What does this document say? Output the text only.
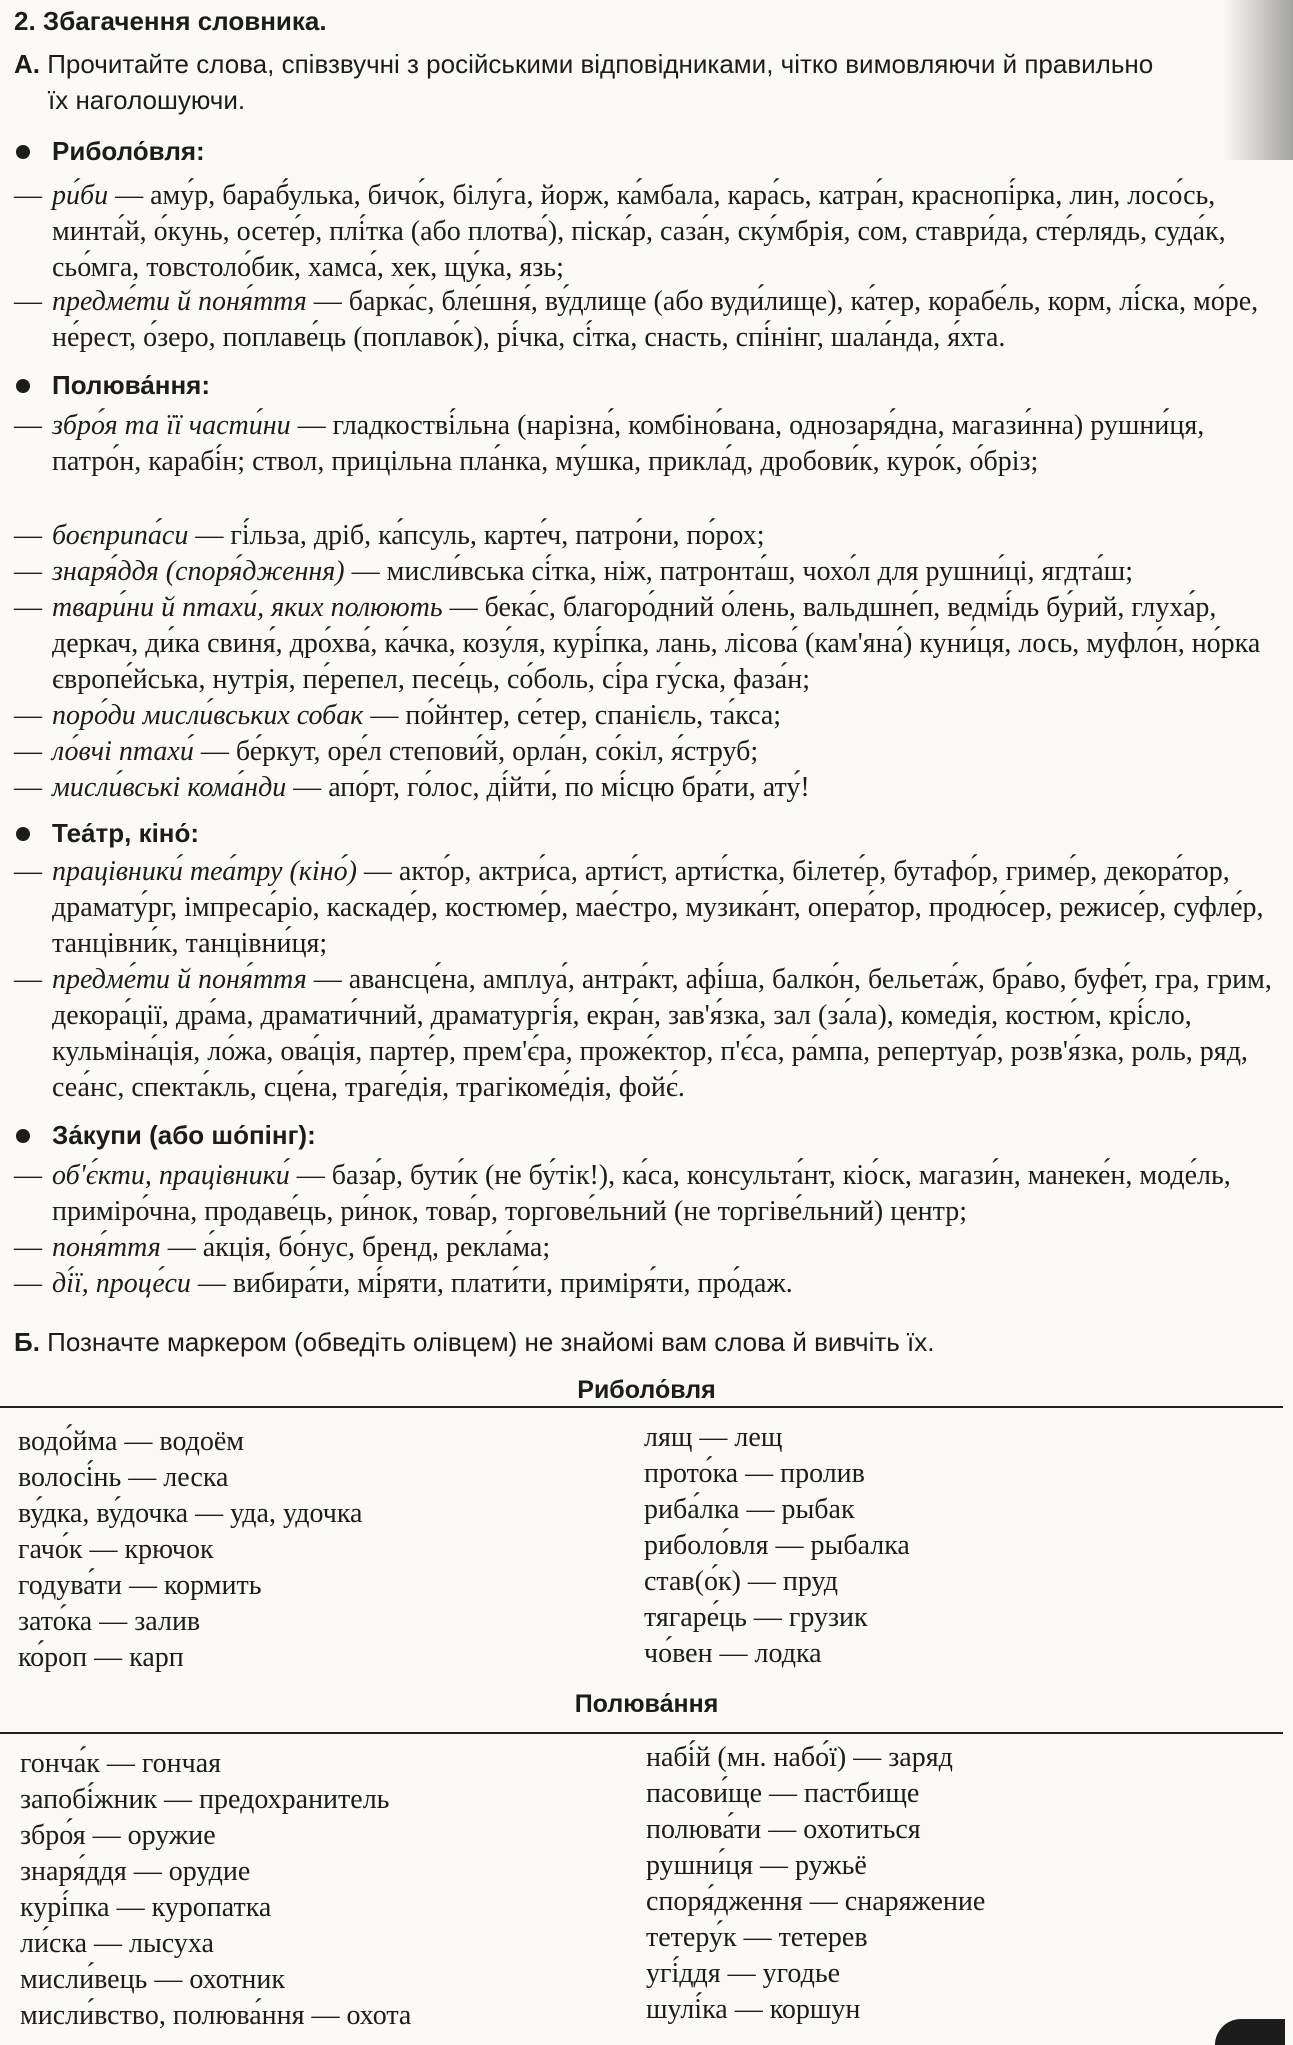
2. Збагачення словника.
А. Прочитайте слова, співзвучні з російськими відповідниками, чітко вимовляючи й правильно
їх наголошуючи.
Риболо́вля:
— ри́би — аму́р, бараб́улька, бичо́к, білу́га, йорж, ка́мбала, кара́сь, катра́н, краснопі́рка, лин, лосо́сь, минта́й, о́кунь, осете́р, плі́тка (або плотва́), піска́р, саза́н, ску́мбрія, сом, ставри́да, сте́рлядь, суда́к, сьо́мга, товстоло́бик, хамса́, хек, щу́ка, язь;
— предме́ти й поня́ття — барка́с, бле́шня́, ву́длище (або вуди́лище), ка́тер, корабе́ль, корм, лі́ска, мо́ре, не́рест, о́зеро, поплаве́ць (поплаво́к), рі́чка, сі́тка, снасть, спі́нінг, шала́нда, я́хта.
Полюва́ння:
— збро́я та її части́ни — гладкостві́льна (нарізна́, комбіно́вана, однозаря́дна, магази́нна) рушни́ця, патро́н, карабі́н; ствол, прицільна пла́нка, му́шка, прикла́д, дробови́к, куро́к, о́бріз;
— боєприпа́си — гі́льза, дріб, ка́псуль, карте́ч, патро́ни, по́рох;
— знаря́ддя (споря́дження) — мисли́вська сі́тка, ніж, патронта́ш, чохо́л для рушни́ці, ягдта́ш;
— твари́ни й птахи́, яких полюють — бека́с, благоро́дний о́лень, вальдшне́п, ведмі́дь бу́рий, глуха́р, деркач, ди́ка свиня́, дро́хва́, ка́чка, козу́ля, курі́пка, лань, лісова́ (кам'яна́) куни́ця, лось, муфло́н, но́рка європе́йська, нутрія, пе́репел, песе́ць, со́боль, сі́ра гу́ска, фаза́н;
— поро́ди мисли́вських собак — по́йнтер, се́тер, спанієль, та́кса;
— ло́вчі птахи́ — бе́ркут, оре́л степови́й, орла́н, со́кіл, я́струб;
— мисли́вські кома́нди — апо́рт, го́лос, ді́йти́, по мі́сцю бра́ти, ату́!
Теа́тр, кіно́:
— працівники́ теа́тру (кіно́) — акто́р, актри́са, арти́ст, арти́стка, білете́р, бутафо́р, гриме́р, декора́тор, драмату́рг, імпреса́ріо, каскаде́р, костюме́р, мае́стро, музика́нт, опера́тор, продю́сер, режисе́р, суфле́р, танцівни́к, танцівни́ця;
— предме́ти й поня́ття — авансце́на, амплуа́, антра́кт, афі́ша, балко́н, бельета́ж, бра́во, буфе́т, гра, грим, декора́ції, дра́ма, драмати́чний, драматургі́я, екра́н, зав'я́зка, зал (за́ла), комедія, костю́м, крі́сло, кульміна́ція, ло́жа, ова́ція, парте́р, прем'є́ра, проже́ктор, п'є́са, ра́мпа, репертуа́р, розв'я́зка, роль, ряд, сеа́нс, спекта́кль, сце́на, траге́дія, трагікоме́дія, фойє́.
За́купи (або шо́пінг):
— об'є́кти, працівники́ — база́р, бути́к (не бу́тік!), ка́са, консульта́нт, кіо́ск, магази́н, манеке́н, моде́ль, приміро́чна, продаве́ць, ри́нок, това́р, торгове́льний (не торгіве́льний) центр;
— поня́ття — а́кція, бо́нус, бренд, рекла́ма;
— ді́ї, проце́си — вибира́ти, мі́ряти, плати́ти, приміря́ти, про́даж.
Б. Позначте маркером (обведіть олівцем) не знайомі вам слова й вивчіть їх.
Риболо́вля
водо́йма — водоём
волосі́нь — леска
ву́дка, ву́дочка — уда, удочка
гачо́к — крючок
годува́ти — кормить
зато́ка — залив
ко́роп — карп
лящ — лещ
прото́ка — пролив
риба́лка — рыбак
риболо́вля — рыбалка
став(о́к) — пруд
тягаре́ць — грузик
чо́вен — лодка
Полюва́ння
гонча́к — гончая
запобі́жник — предохранитель
збро́я — оружие
знаря́ддя — орудие
курі́пка — куропатка
ли́ска — лысуха
мисли́вець — охотник
мисли́вство, полюва́ння — охота
набі́й (мн. набо́ї) — заряд
пасови́ще — пастбище
полюва́ти — охотиться
рушни́ця — ружьё
споря́дження — снаряжение
тетеру́к — тетерев
угі́ддя — угодье
шулі́ка — коршун
